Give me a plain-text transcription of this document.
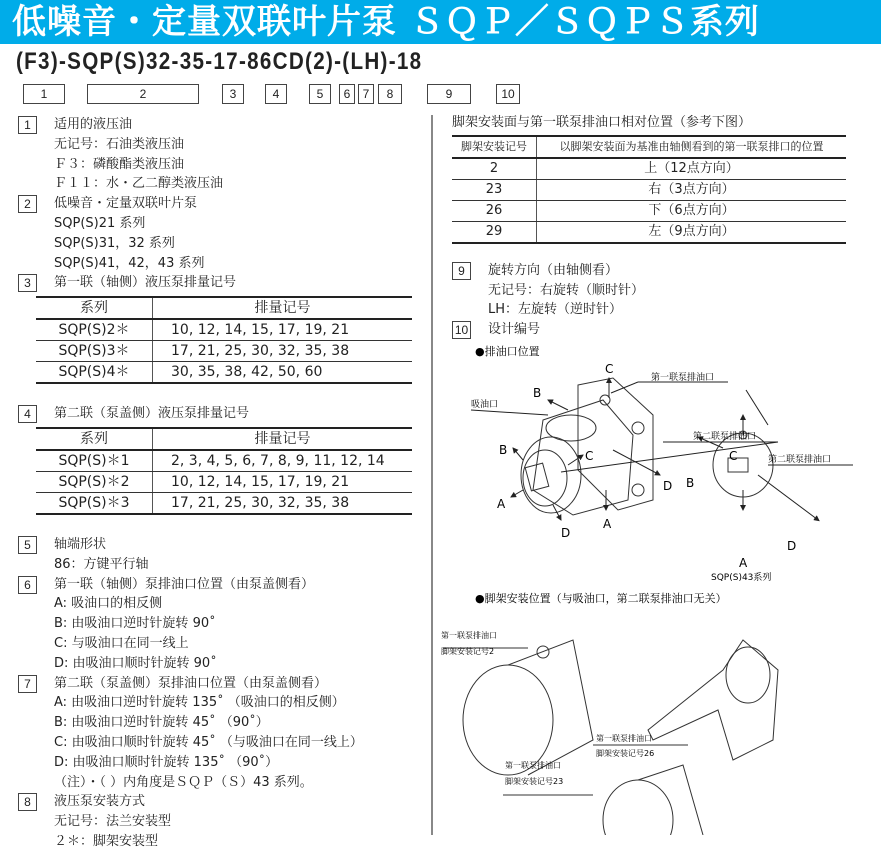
低噪音・定量双联叶片泵 ＳＱＰ／ＳＱＰＳ系列
(F3)-SQP(S)32-35-17-86CD(2)-(LH)-18
1	2	3	4	5	6	7	8	9	10
1	适用的液压油
无记号：石油类液压油
Ｆ３：磷酸酯类液压油
Ｆ１１：水・乙二醇类液压油
2	低噪音・定量双联叶片泵
SQP(S)21 系列
SQP(S)31，32 系列
SQP(S)41，42，43 系列
3	第一联（轴侧）液压泵排量记号
系列	排量记号
SQP(S)2＊	10, 12, 14, 15, 17, 19, 21
SQP(S)3＊	17, 21, 25, 30, 32, 35, 38
SQP(S)4＊	30, 35, 38, 42, 50, 60
4	第二联（泵盖侧）液压泵排量记号
系列	排量记号
SQP(S)＊1	2, 3, 4, 5, 6, 7, 8, 9, 11, 12, 14
SQP(S)＊2	10, 12, 14, 15, 17, 19, 21
SQP(S)＊3	17, 21, 25, 30, 32, 35, 38
5	轴端形状
86：方键平行轴
6	第一联（轴侧）泵排油口位置（由泵盖侧看）
A: 吸油口的相反侧
B: 由吸油口逆时针旋转 90˚
C: 与吸油口在同一线上
D: 由吸油口顺时针旋转 90˚
7	第二联（泵盖侧）泵排油口位置（由泵盖侧看）
A: 由吸油口逆时针旋转 135˚ （吸油口的相反侧）
B: 由吸油口逆时针旋转 45˚ （90˚）
C: 由吸油口顺时针旋转 45˚ （与吸油口在同一线上）
D: 由吸油口顺时针旋转 135˚ （90˚）
（注）・（ ）内角度是ＳＱＰ（Ｓ）43 系列。
8	液压泵安装方式
无记号：法兰安装型
２＊：脚架安装型
脚架安装面与第一联泵排油口相对位置（参考下图）
脚架安装记号	以脚架安装面为基准由轴侧看到的第一联泵排口的位置
2	上（12点方向）
23	右（3点方向）
26	下（6点方向）
29	左（9点方向）
9	旋转方向（由轴侧看）
无记号：右旋转（顺时针）
LH：左旋转（逆时针）
10 设计编号
●排油口位置
吸油口
第一联泵排油口
第二联泵排油口
第二联泵排油口
SQP(S)43系列
C
B
B
A
D
A
D
C	C
B
A
D
●脚架安装位置（与吸油口，第二联泵排油口无关）
第一联泵排油口
脚架安装记号2
第一联泵排油口
脚架安装记号26
第一联泵排油口
脚架安装记号23
